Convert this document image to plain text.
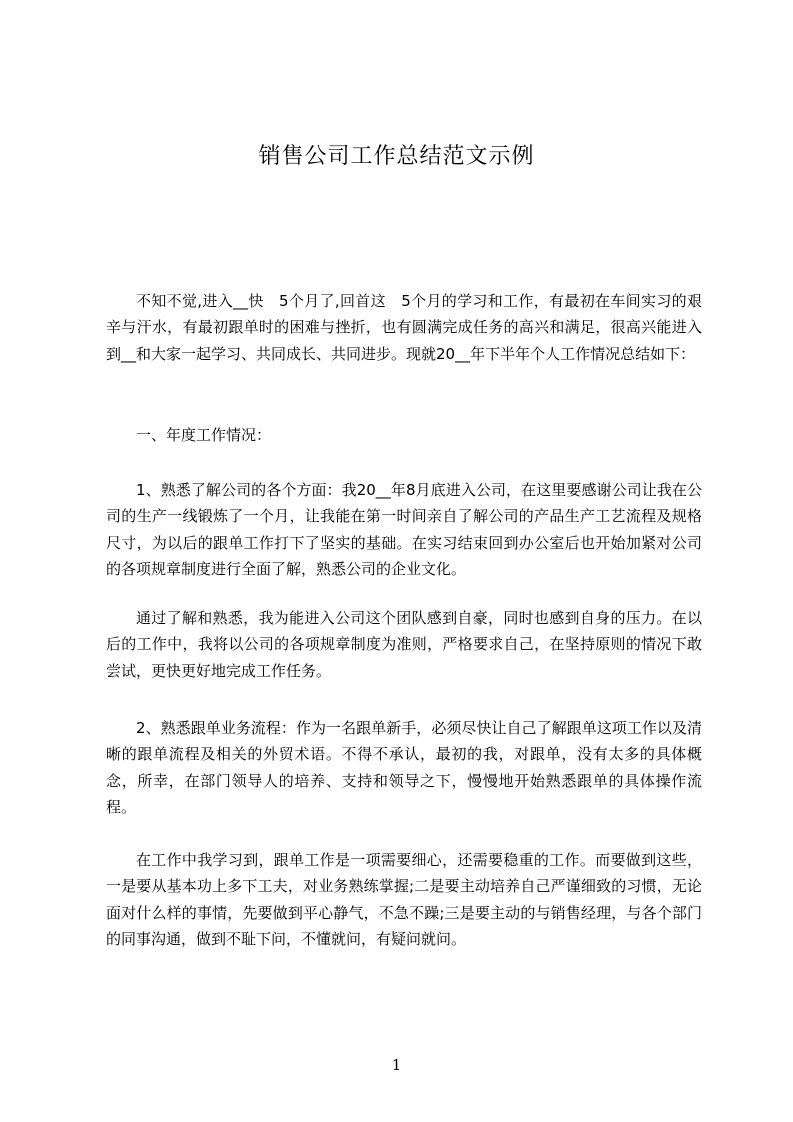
销售公司工作总结范文示例

不知不觉,进入__快　5个月了,回首这　5个月的学习和工作，有最初在车间实习的艰辛与汗水，有最初跟单时的困难与挫折，也有圆满完成任务的高兴和满足，很高兴能进入到__和大家一起学习、共同成长、共同进步。现就20__年下半年个人工作情况总结如下：

一、年度工作情况：

1、熟悉了解公司的各个方面：我20__年8月底进入公司，在这里要感谢公司让我在公司的生产一线锻炼了一个月，让我能在第一时间亲自了解公司的产品生产工艺流程及规格尺寸，为以后的跟单工作打下了坚实的基础。在实习结束回到办公室后也开始加紧对公司的各项规章制度进行全面了解，熟悉公司的企业文化。

通过了解和熟悉，我为能进入公司这个团队感到自豪，同时也感到自身的压力。在以后的工作中，我将以公司的各项规章制度为准则，严格要求自己，在坚持原则的情况下敢尝试，更快更好地完成工作任务。

2、熟悉跟单业务流程：作为一名跟单新手，必须尽快让自己了解跟单这项工作以及清晰的跟单流程及相关的外贸术语。不得不承认，最初的我，对跟单，没有太多的具体概念，所幸，在部门领导人的培养、支持和领导之下，慢慢地开始熟悉跟单的具体操作流程。

在工作中我学习到，跟单工作是一项需要细心，还需要稳重的工作。而要做到这些，一是要从基本功上多下工夫，对业务熟练掌握;二是要主动培养自己严谨细致的习惯，无论面对什么样的事情，先要做到平心静气，不急不躁;三是要主动的与销售经理，与各个部门的同事沟通，做到不耻下问，不懂就问，有疑问就问。

1
